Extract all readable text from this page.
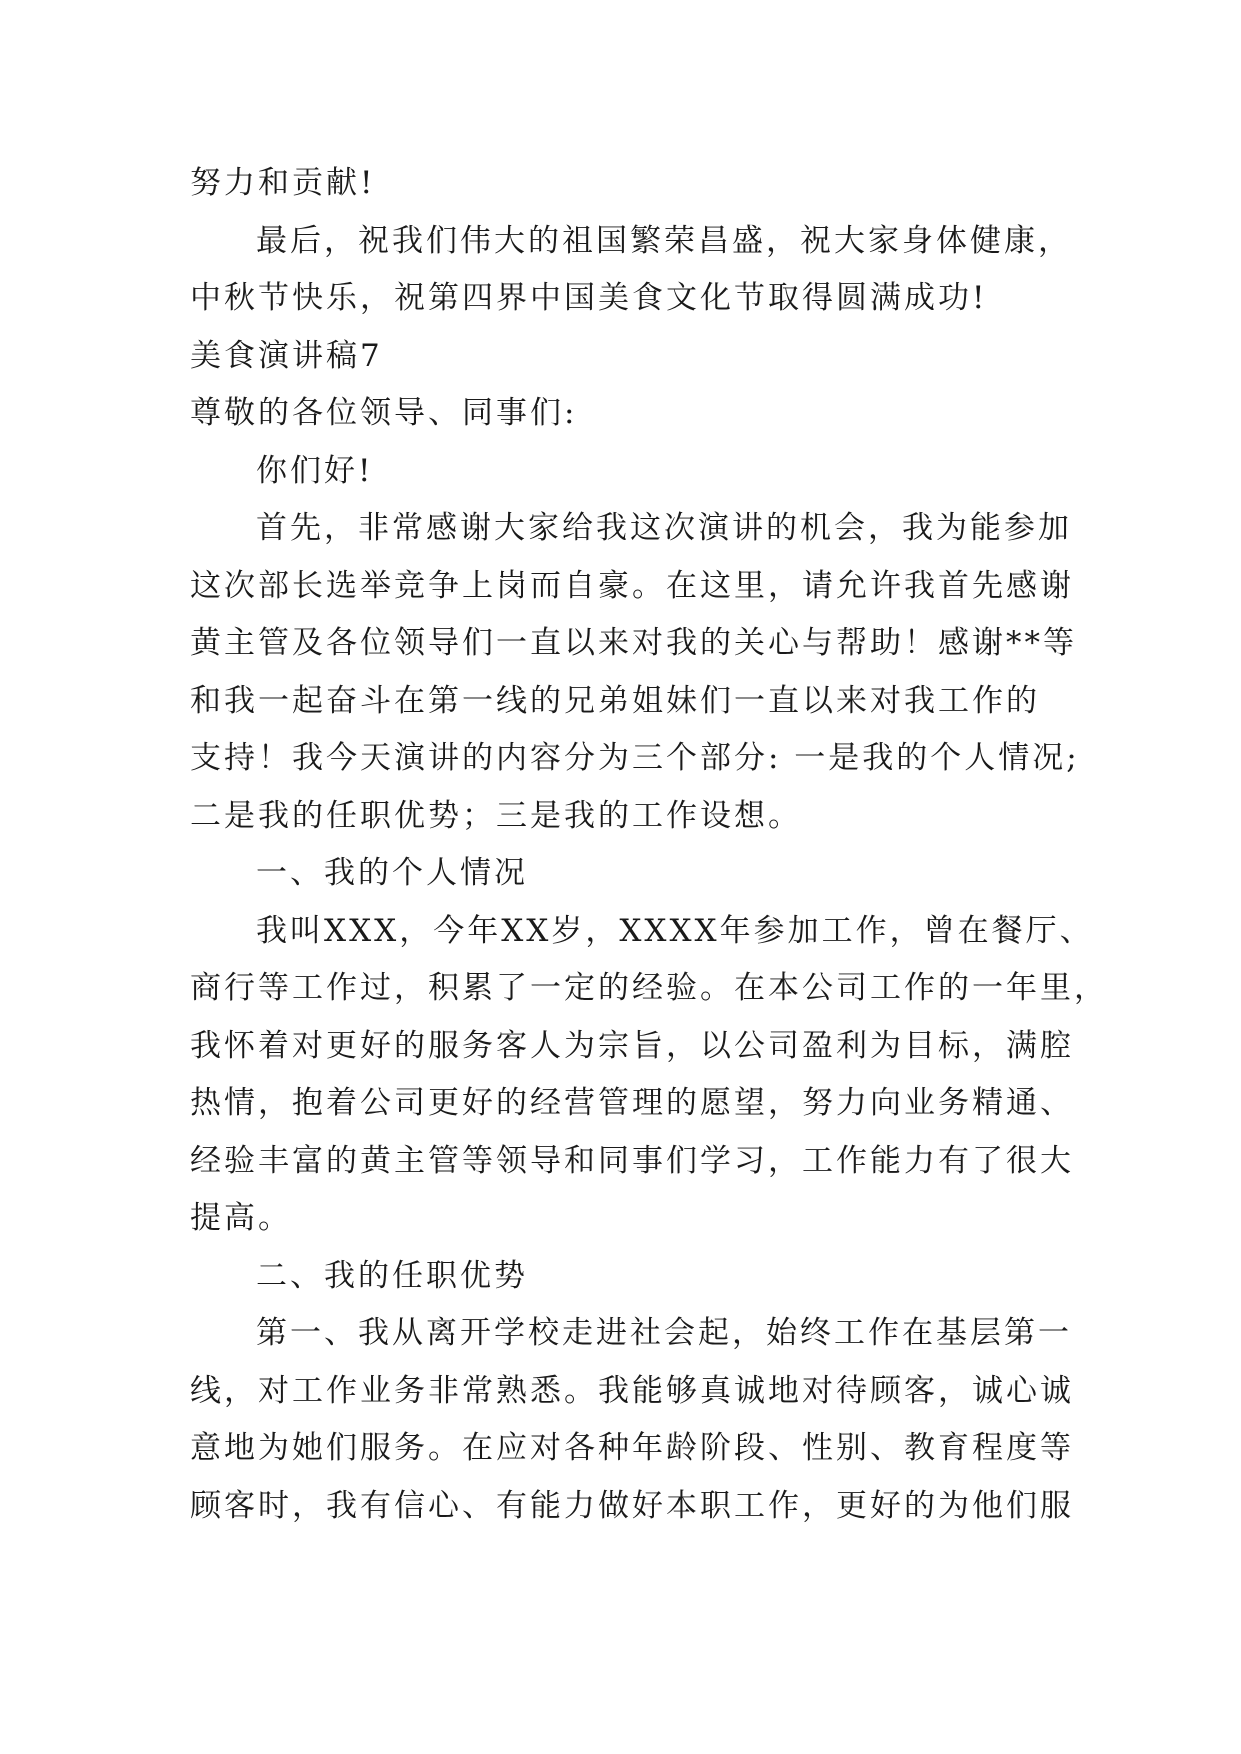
努力和贡献!
最后，祝我们伟大的祖国繁荣昌盛，祝大家身体健康，
中秋节快乐，祝第四界中国美食文化节取得圆满成功!
美食演讲稿7
尊敬的各位领导、同事们:
你们好!
首先，非常感谢大家给我这次演讲的机会，我为能参加
这次部长选举竞争上岗而自豪。在这里，请允许我首先感谢
黄主管及各位领导们一直以来对我的关心与帮助！感谢**等
和我一起奋斗在第一线的兄弟姐妹们一直以来对我工作的
支持！我今天演讲的内容分为三个部分: 一是我的个人情况;
二是我的任职优势；三是我的工作设想。
一、我的个人情况
我叫XXX，今年XX岁，XXXX年参加工作，曾在餐厅、
商行等工作过，积累了一定的经验。在本公司工作的一年里，
我怀着对更好的服务客人为宗旨，以公司盈利为目标，满腔
热情，抱着公司更好的经营管理的愿望，努力向业务精通、
经验丰富的黄主管等领导和同事们学习，工作能力有了很大
提高。
二、我的任职优势
第一、我从离开学校走进社会起，始终工作在基层第一
线，对工作业务非常熟悉。我能够真诚地对待顾客，诚心诚
意地为她们服务。在应对各种年龄阶段、性别、教育程度等
顾客时，我有信心、有能力做好本职工作，更好的为他们服
